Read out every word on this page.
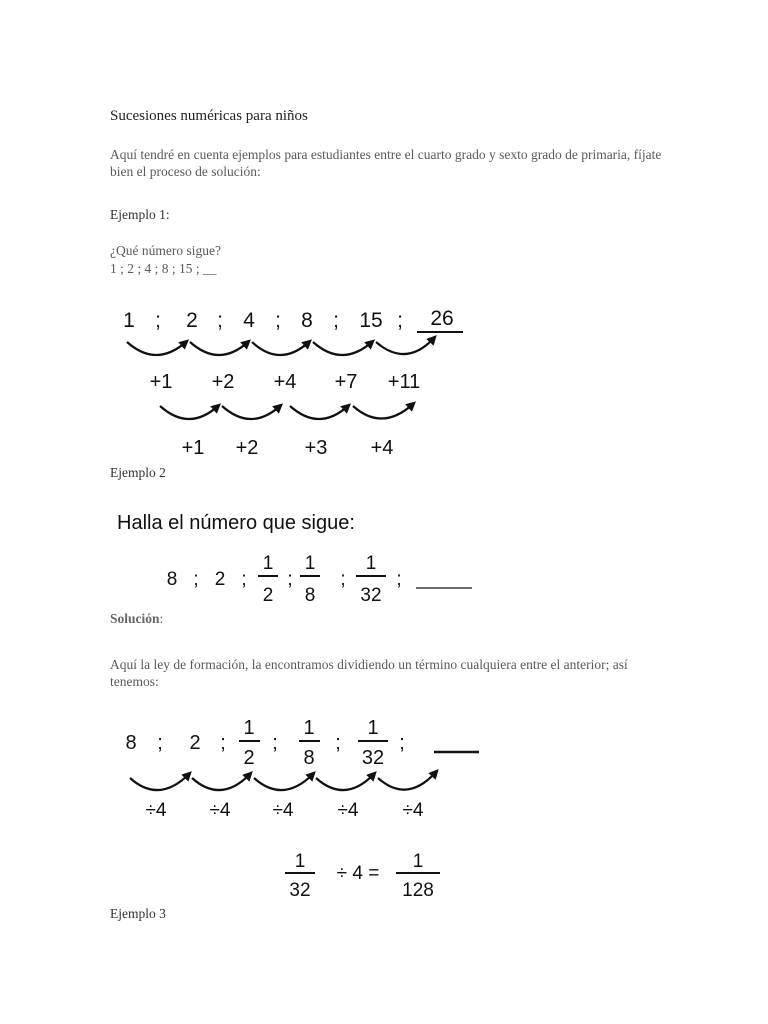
Sucesiones numéricas para niños
Aquí tendré en cuenta ejemplos para estudiantes entre el cuarto grado y sexto grado de primaria, fíjate bien el proceso de solución:
Ejemplo 1:
¿Qué número sigue?
1 ; 2 ; 4 ; 8 ; 15 ; __
1 ; 2 ; 4 ; 8 ; 15 ; 26
+1 +2 +4 +7 +11
+1 +2 +3 +4
Ejemplo 2
Halla el número que sigue:
8 ; 2 ;
1
2
;
1
8
;
1
32
;
Solución:
Aquí la ley de formación, la encontramos dividiendo un término cualquiera entre el anterior; así tenemos:
8 ; 2 ;
1
2
;
1
8
;
1
32
;
÷4 ÷4 ÷4 ÷4 ÷4
1
32
÷ 4 =
1
128
Ejemplo 3
